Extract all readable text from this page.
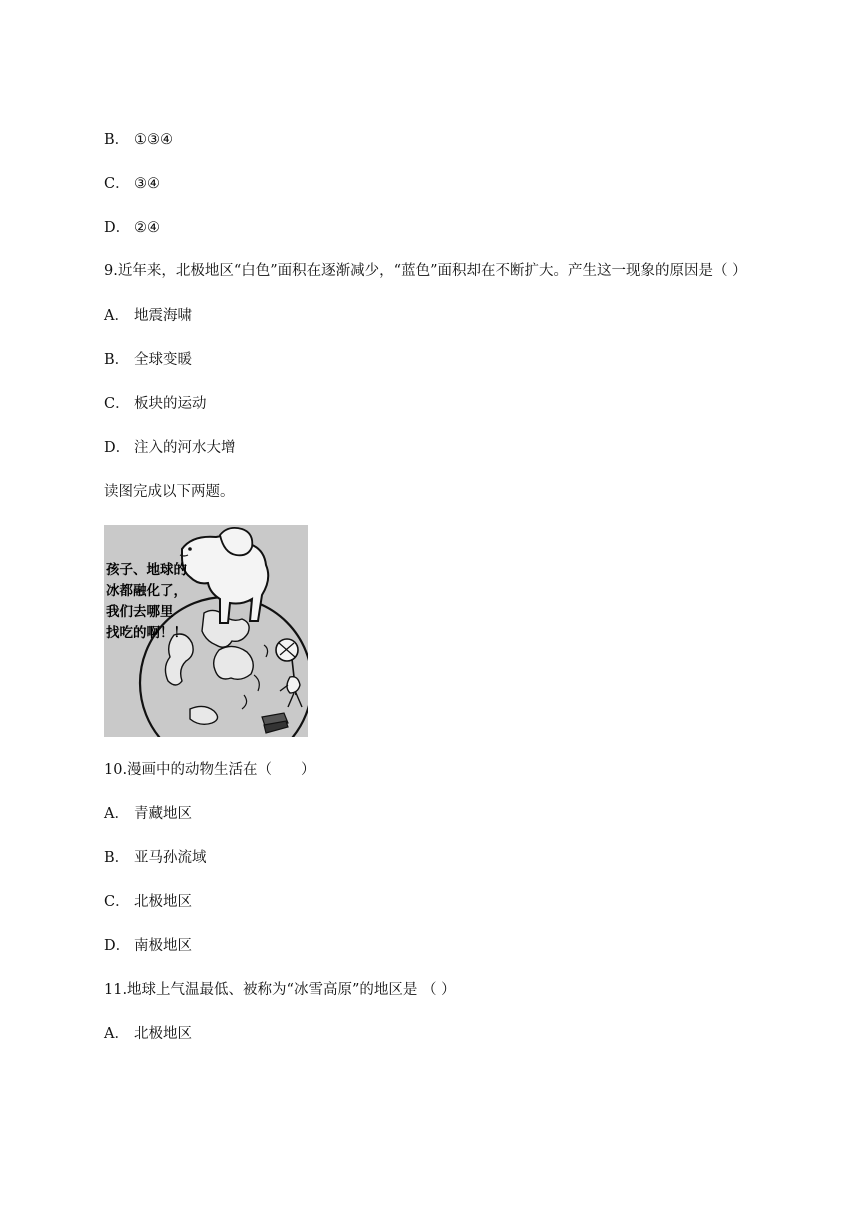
B． ①③④
C． ③④
D． ②④
9.近年来，北极地区“白色”面积在逐渐减少，“蓝色”面积却在不断扩大。产生这一现象的原因是（ ）
A． 地震海啸
B． 全球变暖
C． 板块的运动
D． 注入的河水大增
读图完成以下两题。
孩子、地球的
冰都融化了，
我们去哪里
找吃的啊！！
10.漫画中的动物生活在（　　）
A． 青藏地区
B． 亚马孙流域
C． 北极地区
D． 南极地区
11.地球上气温最低、被称为“冰雪高原”的地区是 （ ）
A． 北极地区
